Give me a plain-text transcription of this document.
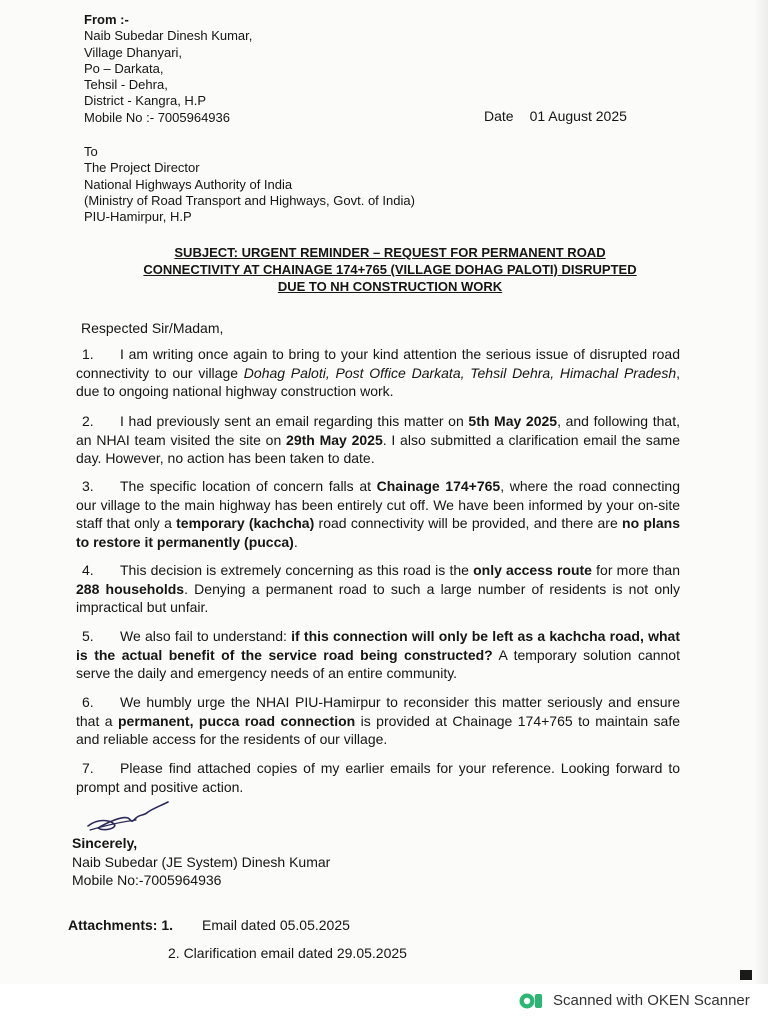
From :-
Naib Subedar Dinesh Kumar,
Village Dhanyari,
Po – Darkata,
Tehsil - Dehra,
District - Kangra, H.P
Mobile No :- 7005964936	Date 01 August 2025
To
The Project Director
National Highways Authority of India
(Ministry of Road Transport and Highways, Govt. of India)
PIU-Hamirpur, H.P
SUBJECT: URGENT REMINDER – REQUEST FOR PERMANENT ROAD
CONNECTIVITY AT CHAINAGE 174+765 (VILLAGE DOHAG PALOTI) DISRUPTED
DUE TO NH CONSTRUCTION WORK
Respected Sir/Madam,
1. I am writing once again to bring to your kind attention the serious issue of disrupted road connectivity to our village Dohag Paloti, Post Office Darkata, Tehsil Dehra, Himachal Pradesh, due to ongoing national highway construction work.
2. I had previously sent an email regarding this matter on 5th May 2025, and following that, an NHAI team visited the site on 29th May 2025. I also submitted a clarification email the same day. However, no action has been taken to date.
3. The specific location of concern falls at Chainage 174+765, where the road connecting our village to the main highway has been entirely cut off. We have been informed by your on-site staff that only a temporary (kachcha) road connectivity will be provided, and there are no plans to restore it permanently (pucca).
4. This decision is extremely concerning as this road is the only access route for more than 288 households. Denying a permanent road to such a large number of residents is not only impractical but unfair.
5. We also fail to understand: if this connection will only be left as a kachcha road, what is the actual benefit of the service road being constructed? A temporary solution cannot serve the daily and emergency needs of an entire community.
6. We humbly urge the NHAI PIU-Hamirpur to reconsider this matter seriously and ensure that a permanent, pucca road connection is provided at Chainage 174+765 to maintain safe and reliable access for the residents of our village.
7. Please find attached copies of my earlier emails for your reference. Looking forward to prompt and positive action.
Sincerely,
Naib Subedar (JE System) Dinesh Kumar
Mobile No:-7005964936
Attachments: 1. Email dated 05.05.2025
2. Clarification email dated 29.05.2025
Scanned with OKEN Scanner
